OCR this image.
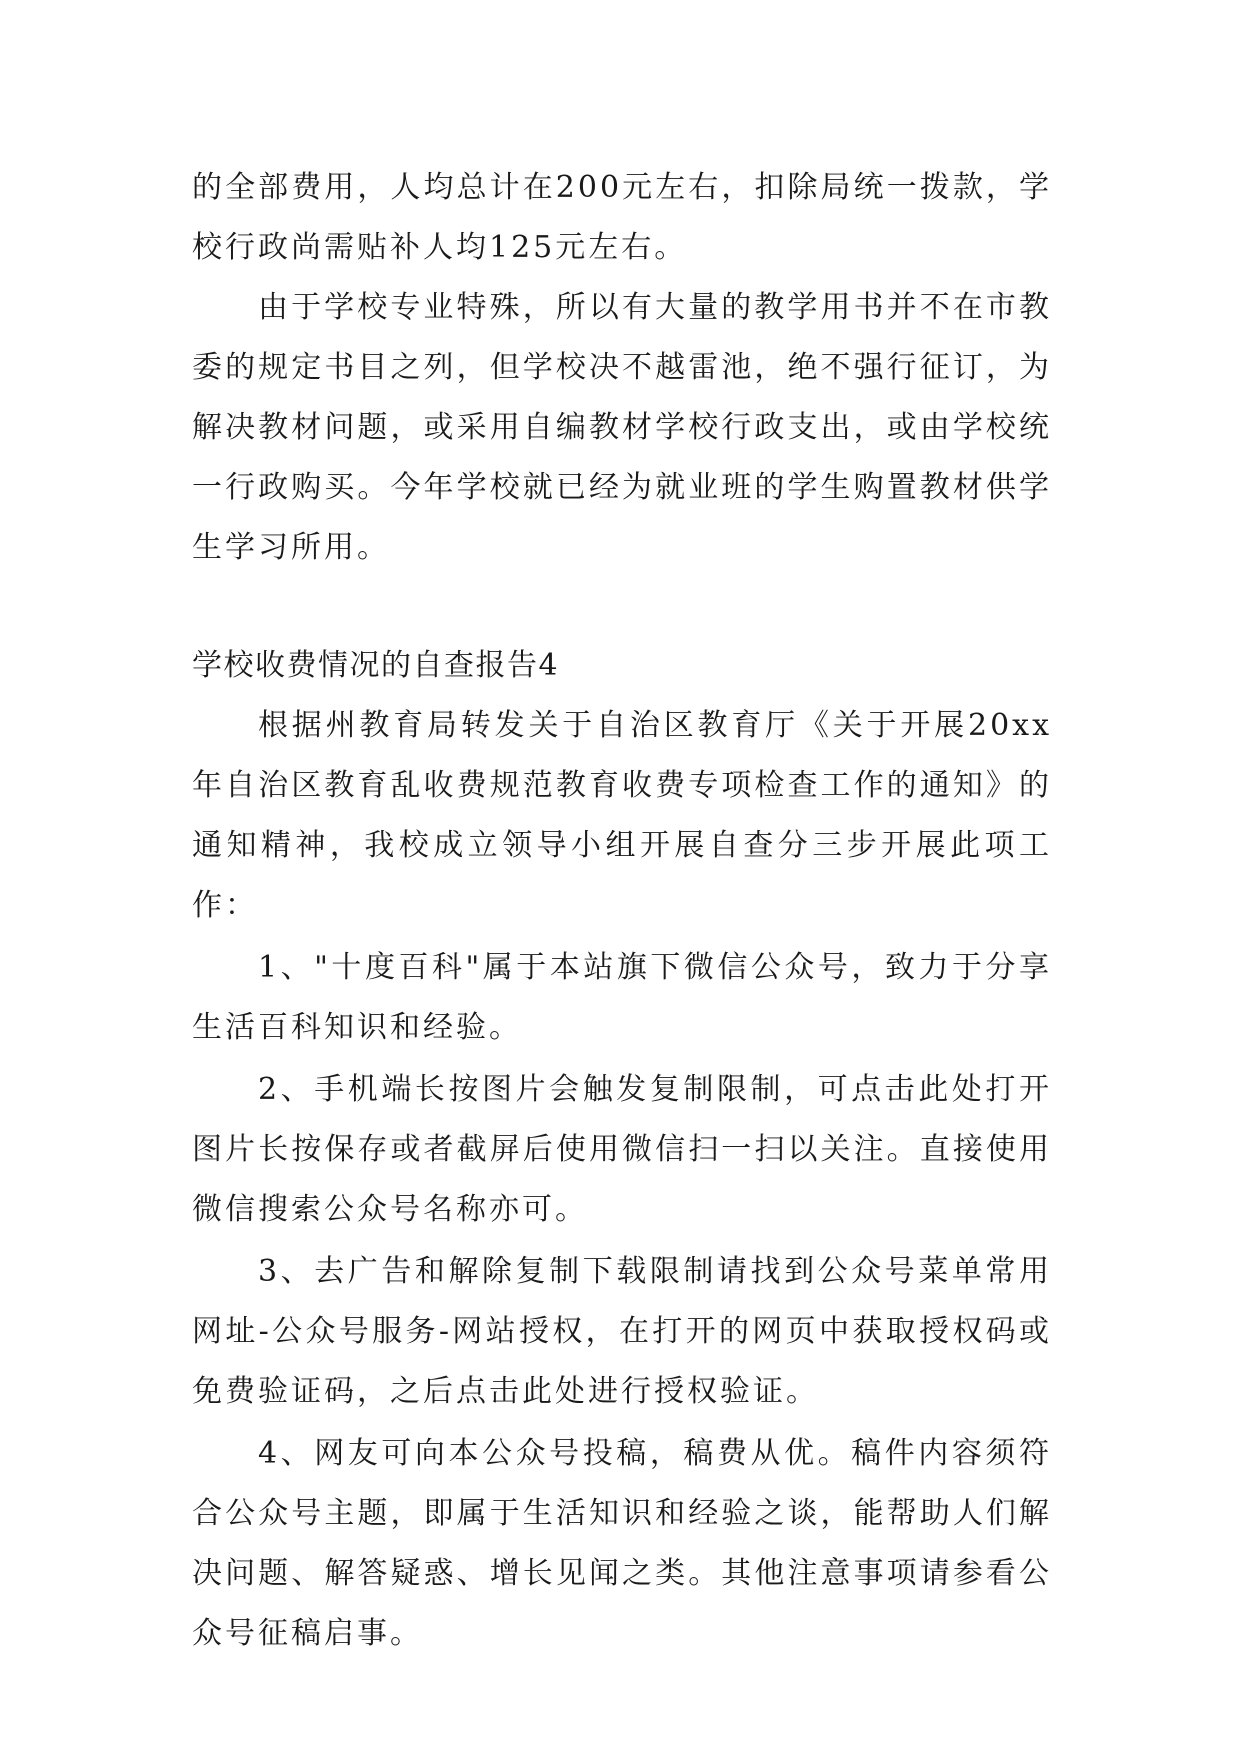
的全部费用，人均总计在200元左右，扣除局统一拨款，学校行政尚需贴补人均125元左右。

由于学校专业特殊，所以有大量的教学用书并不在市教委的规定书目之列，但学校决不越雷池，绝不强行征订，为解决教材问题，或采用自编教材学校行政支出，或由学校统一行政购买。今年学校就已经为就业班的学生购置教材供学生学习所用。

学校收费情况的自查报告4

根据州教育局转发关于自治区教育厅《关于开展20xx年自治区教育乱收费规范教育收费专项检查工作的通知》的通知精神，我校成立领导小组开展自查分三步开展此项工作：

1、"十度百科"属于本站旗下微信公众号，致力于分享生活百科知识和经验。

2、手机端长按图片会触发复制限制，可点击此处打开图片长按保存或者截屏后使用微信扫一扫以关注。直接使用微信搜索公众号名称亦可。

3、去广告和解除复制下载限制请找到公众号菜单常用网址-公众号服务-网站授权，在打开的网页中获取授权码或免费验证码，之后点击此处进行授权验证。

4、网友可向本公众号投稿，稿费从优。稿件内容须符合公众号主题，即属于生活知识和经验之谈，能帮助人们解决问题、解答疑惑、增长见闻之类。其他注意事项请参看公众号征稿启事。
